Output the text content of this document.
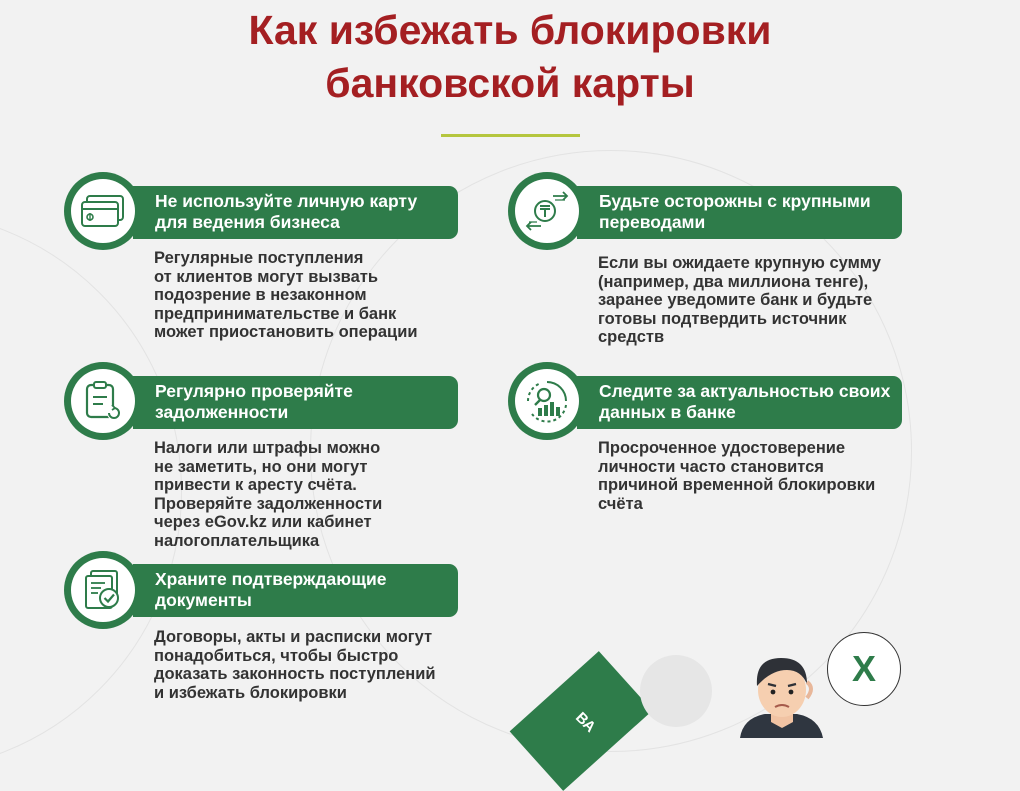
Как избежать блокировки
банковской карты
Не используйте личную карту для ведения бизнеса
Регулярные поступления
от клиентов могут вызвать
подозрение в незаконном
предпринимательстве и банк
может приостановить операции
Будьте осторожны с крупными переводами
Если вы ожидаете крупную сумму
(например, два миллиона тенге),
заранее уведомите банк и будьте
готовы подтвердить источник
средств
Регулярно проверяйте задолженности
Налоги или штрафы можно
не заметить, но они могут
привести к аресту счёта.
Проверяйте задолженности
через eGov.kz или кабинет
налогоплательщика
Следите за актуальностью своих данных в банке
Просроченное удостоверение
личности часто становится
причиной временной блокировки
счёта
Храните подтверждающие документы
Договоры, акты и расписки могут
понадобиться, чтобы быстро
доказать законность поступлений
и избежать блокировки
ВА
X
